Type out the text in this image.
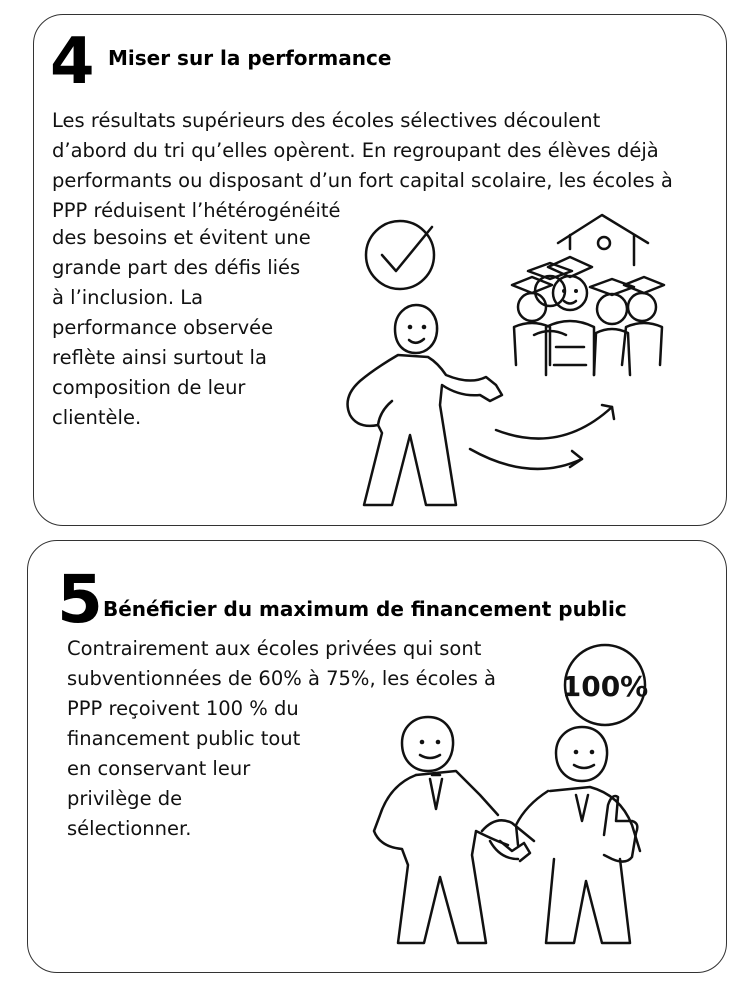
4 Miser sur la performance
Les résultats supérieurs des écoles sélectives découlent
d’abord du tri qu’elles opèrent. En regroupant des élèves déjà
performants ou disposant d’un fort capital scolaire, les écoles à
PPP réduisent l’hétérogénéité
des besoins et évitent une
grande part des défis liés
à l’inclusion. La
performance observée
reflète ainsi surtout la
composition de leur
clientèle.
5 Bénéficier du maximum de financement public
Contrairement aux écoles privées qui sont
subventionnées de 60% à 75%, les écoles à
PPP reçoivent 100 % du
financement public tout
en conservant leur
privilège de
sélectionner.
100%
